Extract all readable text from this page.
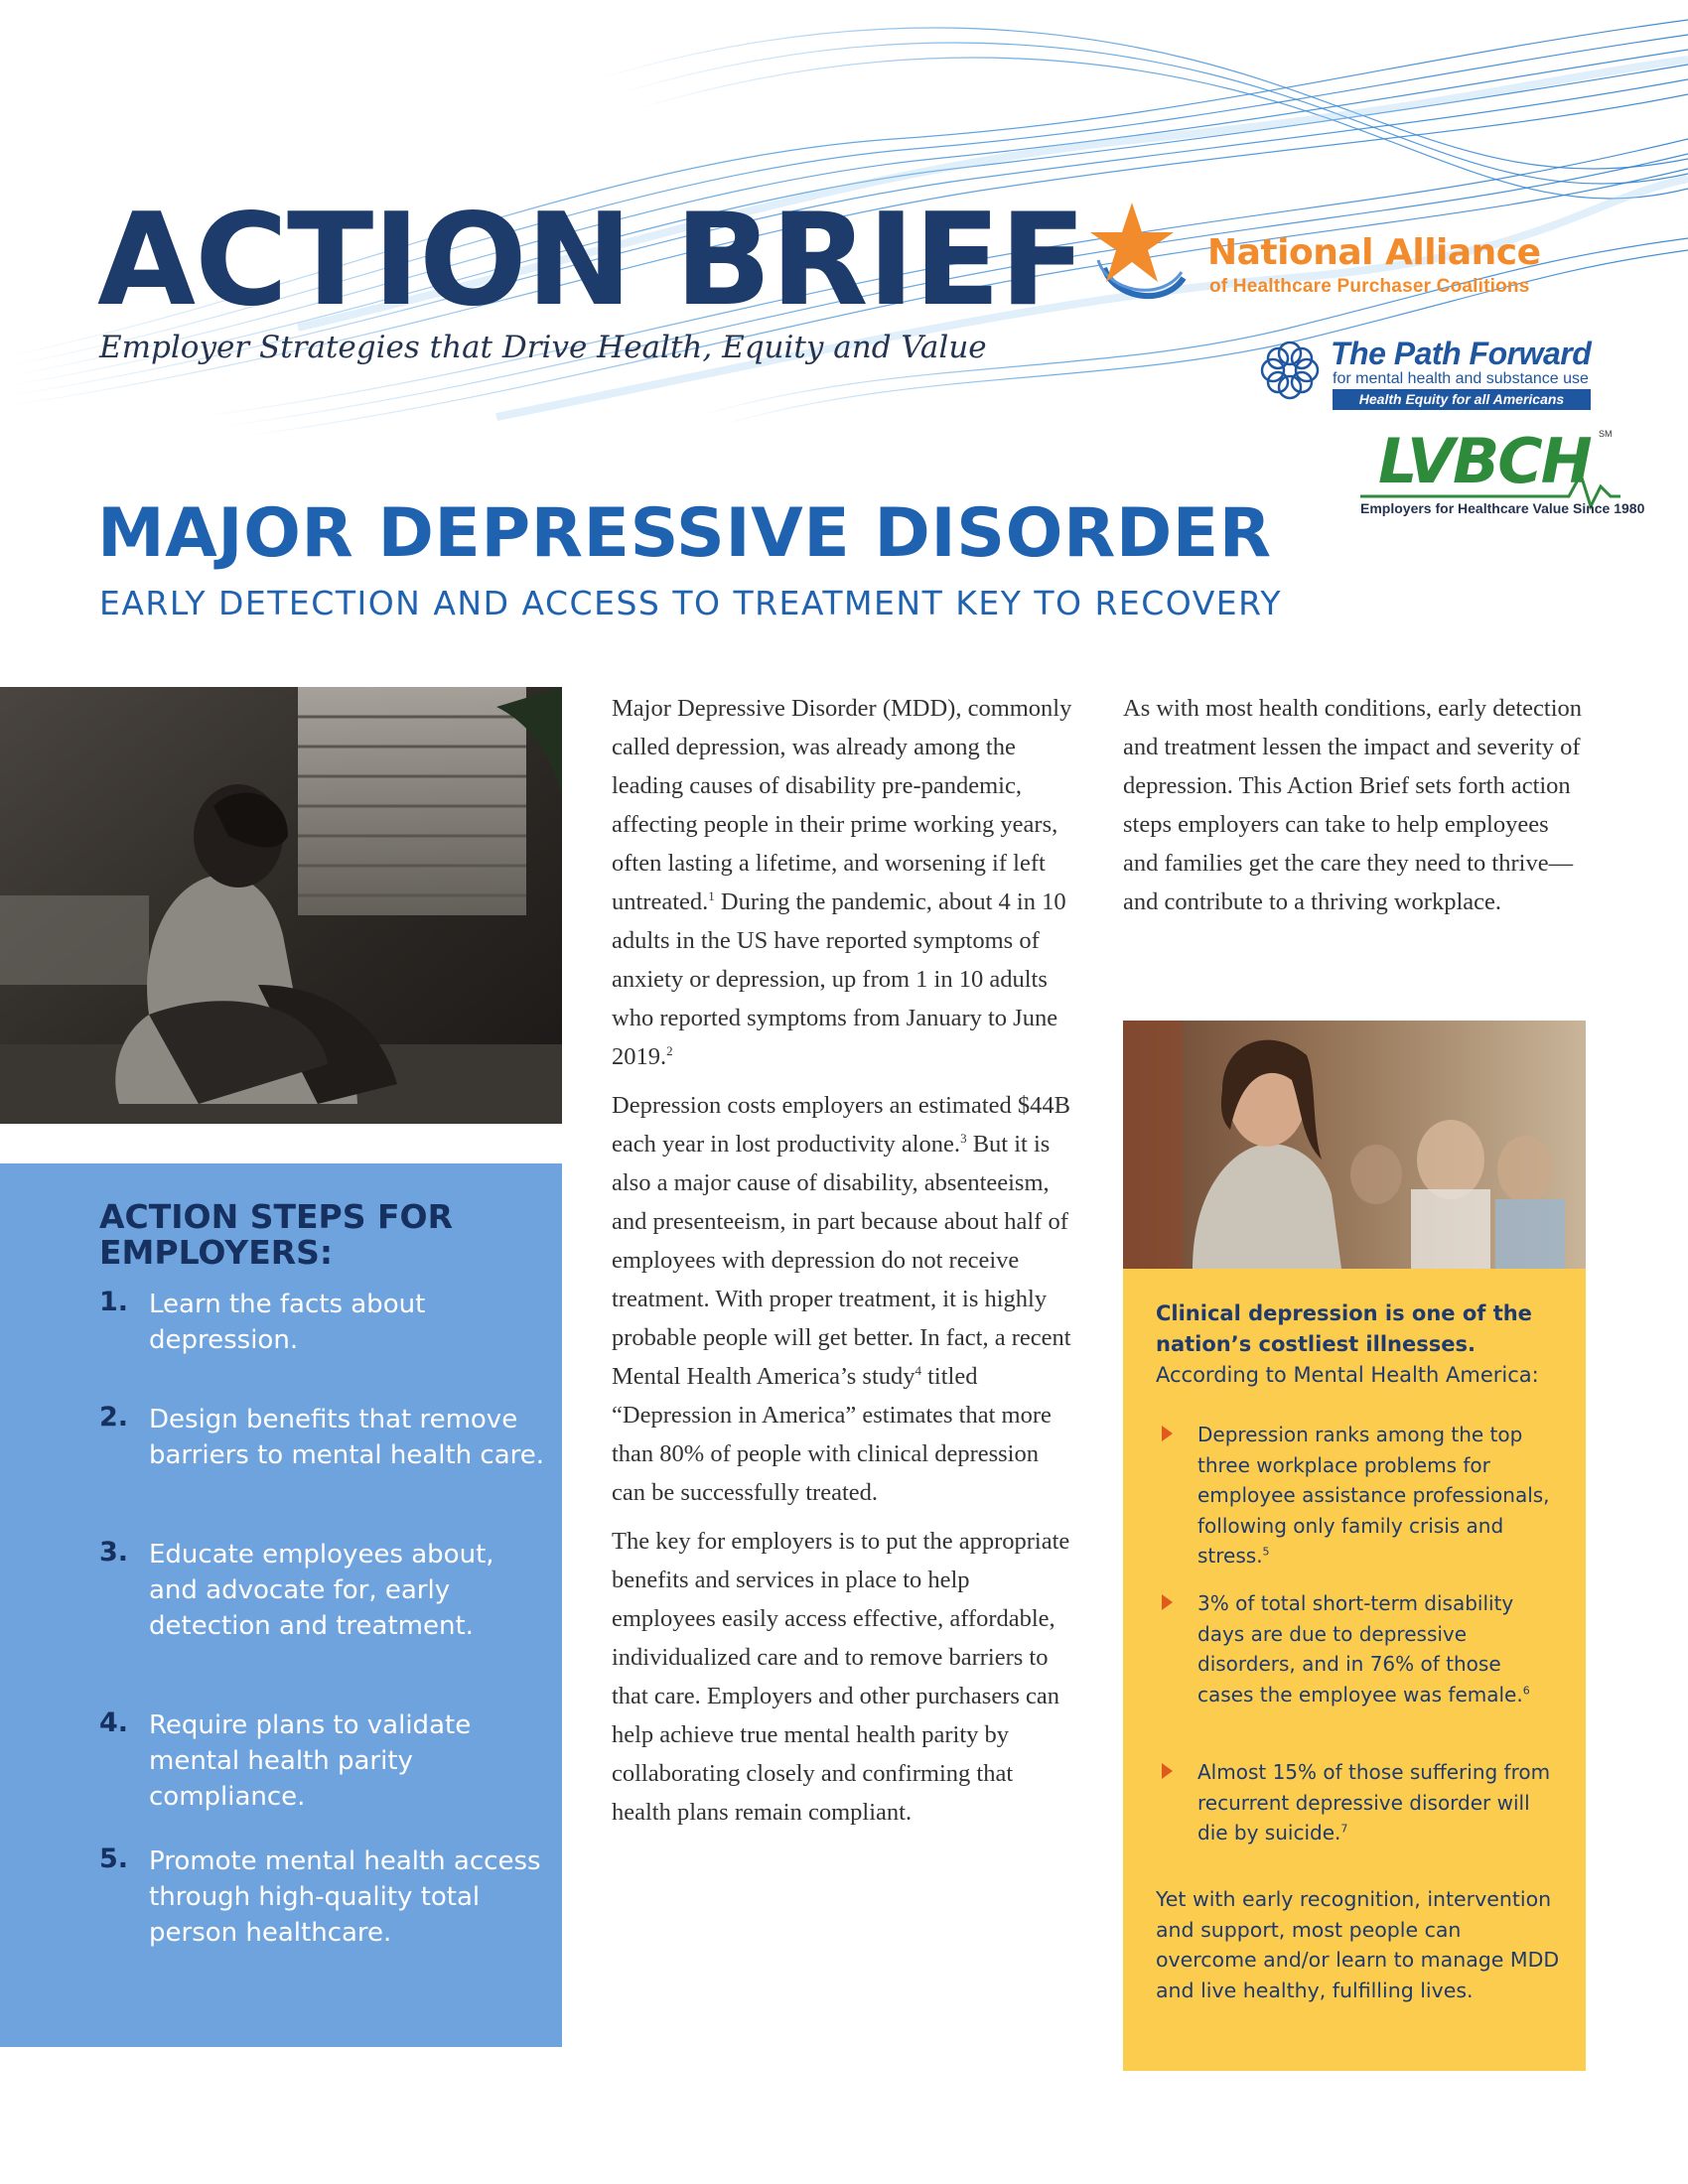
ACTION BRIEF

Employer Strategies that Drive Health, Equity and Value

National Alliance

of Healthcare Purchaser Coalitions

The Path Forward

for mental health and substance use

Health Equity for all Americans

LVBCH SM

Employers for Healthcare Value Since 1980

MAJOR DEPRESSIVE DISORDER

EARLY DETECTION AND ACCESS TO TREATMENT KEY TO RECOVERY

ACTION STEPS FOR EMPLOYERS:
1. Learn the facts about depression.

2. Design benefits that remove barriers to mental health care.

3. Educate employees about, and advocate for, early detection and treatment.

4. Require plans to validate mental health parity compliance.

5. Promote mental health access through high-quality total person healthcare.

Major Depressive Disorder (MDD), commonly called depression, was already among the leading causes of disability pre-pandemic, affecting people in their prime working years, often lasting a lifetime, and worsening if left untreated.$^1$ During the pandemic, about 4 in 10 adults in the US have reported symptoms of anxiety or depression, up from 1 in 10 adults who reported symptoms from January to June 2019.$^2$

Depression costs employers an estimated $44B each year in lost productivity alone.$^3$ But it is also a major cause of disability, absenteeism, and presenteeism, in part because about half of employees with depression do not receive treatment. With proper treatment, it is highly probable people will get better. In fact, a recent Mental Health America’s study$^4$ titled “Depression in America” estimates that more than 80% of people with clinical depression can be successfully treated.

The key for employers is to put the appropriate benefits and services in place to help employees easily access effective, affordable, individualized care and to remove barriers to that care. Employers and other purchasers can help achieve true mental health parity by collaborating closely and confirming that health plans remain compliant.

As with most health conditions, early detection and treatment lessen the impact and severity of depression. This Action Brief sets forth action steps employers can take to help employees and families get the care they need to thrive—and contribute to a thriving workplace.

Clinical depression is one of the nation’s costliest illnesses. According to Mental Health America:

Depression ranks among the top three workplace problems for employee assistance professionals, following only family crisis and stress.$^5$

3% of total short-term disability days are due to depressive disorders, and in 76% of those cases the employee was female.$^6$

Almost 15% of those suffering from recurrent depressive disorder will die by suicide.$^7$

Yet with early recognition, intervention and support, most people can overcome and/or learn to manage MDD and live healthy, fulfilling lives.
